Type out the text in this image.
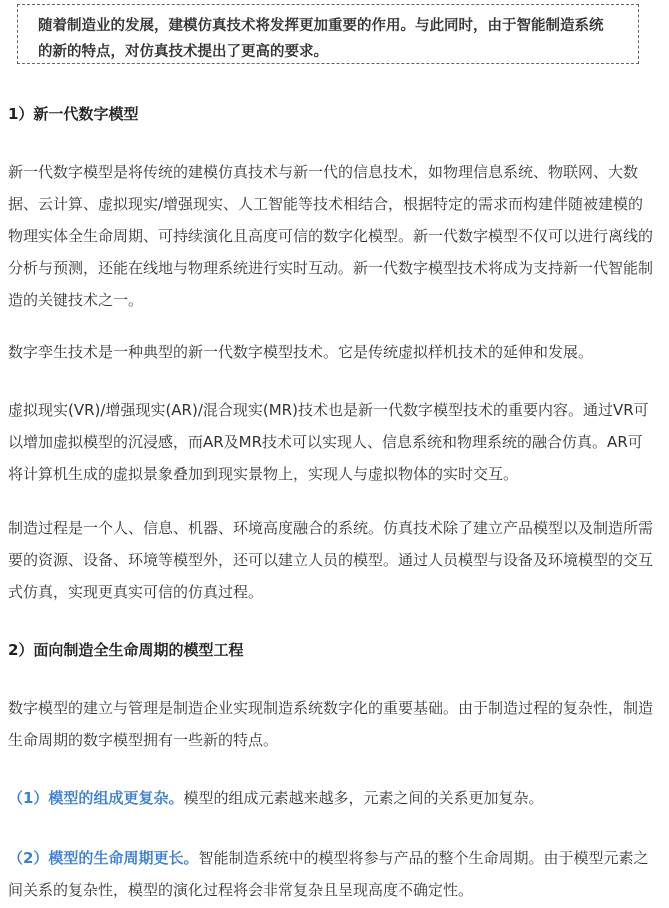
随着制造业的发展，建模仿真技术将发挥更加重要的作用。与此同时，由于智能制造系统
的新的特点，对仿真技术提出了更高的要求。
1）新一代数字模型
新一代数字模型是将传统的建模仿真技术与新一代的信息技术，如物理信息系统、物联网、大数
据、云计算、虚拟现实/增强现实、人工智能等技术相结合，根据特定的需求而构建伴随被建模的
物理实体全生命周期、可持续演化且高度可信的数字化模型。新一代数字模型不仅可以进行离线的
分析与预测，还能在线地与物理系统进行实时互动。新一代数字模型技术将成为支持新一代智能制
造的关键技术之一。
数字孪生技术是一种典型的新一代数字模型技术。它是传统虚拟样机技术的延伸和发展。
虚拟现实(VR)/增强现实(AR)/混合现实(MR)技术也是新一代数字模型技术的重要内容。通过VR可
以增加虚拟模型的沉浸感，而AR及MR技术可以实现人、信息系统和物理系统的融合仿真。AR可
将计算机生成的虚拟景象叠加到现实景物上，实现人与虚拟物体的实时交互。
制造过程是一个人、信息、机器、环境高度融合的系统。仿真技术除了建立产品模型以及制造所需
要的资源、设备、环境等模型外，还可以建立人员的模型。通过人员模型与设备及环境模型的交互
式仿真，实现更真实可信的仿真过程。
2）面向制造全生命周期的模型工程
数字模型的建立与管理是制造企业实现制造系统数字化的重要基础。由于制造过程的复杂性，制造
生命周期的数字模型拥有一些新的特点。
（1）模型的组成更复杂。模型的组成元素越来越多，元素之间的关系更加复杂。
（2）模型的生命周期更长。智能制造系统中的模型将参与产品的整个生命周期。由于模型元素之
间关系的复杂性，模型的演化过程将会非常复杂且呈现高度不确定性。
